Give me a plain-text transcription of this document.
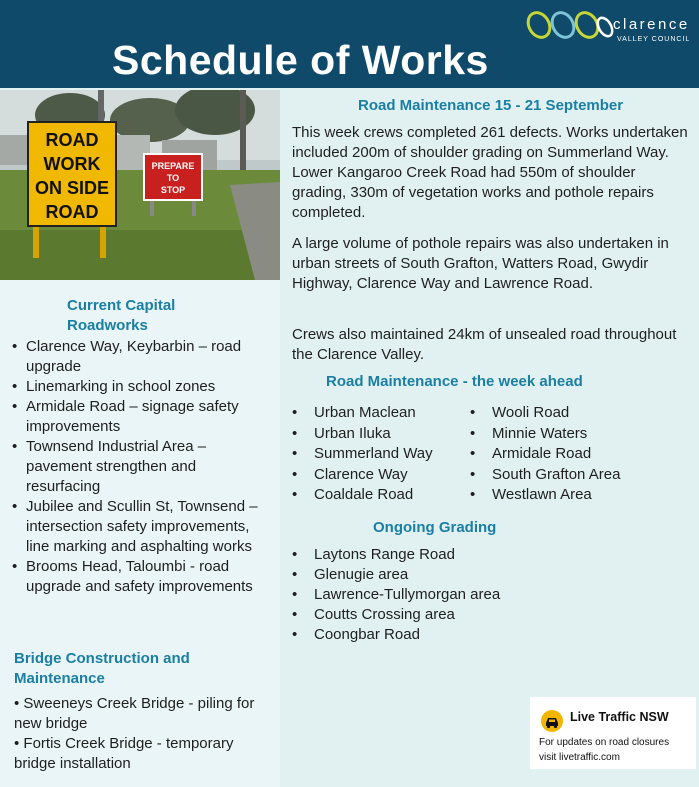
Schedule of Works
clarence
VALLEY COUNCIL
ROAD
WORK
ON SIDE
ROAD
PREPARE
TO
STOP
Current Capital
Roadworks
• Clarence Way, Keybarbin – road upgrade
• Linemarking in school zones
• Armidale Road – signage safety improvements
• Townsend Industrial Area – pavement strengthen and resurfacing
• Jubilee and Scullin St, Townsend – intersection safety improvements, line marking and asphalting works
• Brooms Head, Taloumbi - road upgrade and safety improvements
Bridge Construction and Maintenance
• Sweeneys Creek Bridge - piling for new bridge
• Fortis Creek Bridge - temporary bridge installation
Road Maintenance 15 - 21 September

This week crews completed 261 defects. Works undertaken included 200m of shoulder grading on Summerland Way. Lower Kangaroo Creek Road had 550m of shoulder grading, 330m of vegetation works and pothole repairs completed.

A large volume of pothole repairs was also undertaken in urban streets of South Grafton, Watters Road, Gwydir Highway, Clarence Way and Lawrence Road.

Crews also maintained 24km of unsealed road throughout the Clarence Valley.

Road Maintenance - the week ahead
• Urban Maclean
• Urban Iluka
• Summerland Way
• Clarence Way
• Coaldale Road
• Wooli Road
• Minnie Waters
• Armidale Road
• South Grafton Area
• Westlawn Area
Ongoing Grading
• Laytons Range Road
• Glenugie area
• Lawrence-Tullymorgan area
• Coutts Crossing area
• Coongbar Road
Live Traffic NSW
For updates on road closures
visit livetraffic.com
